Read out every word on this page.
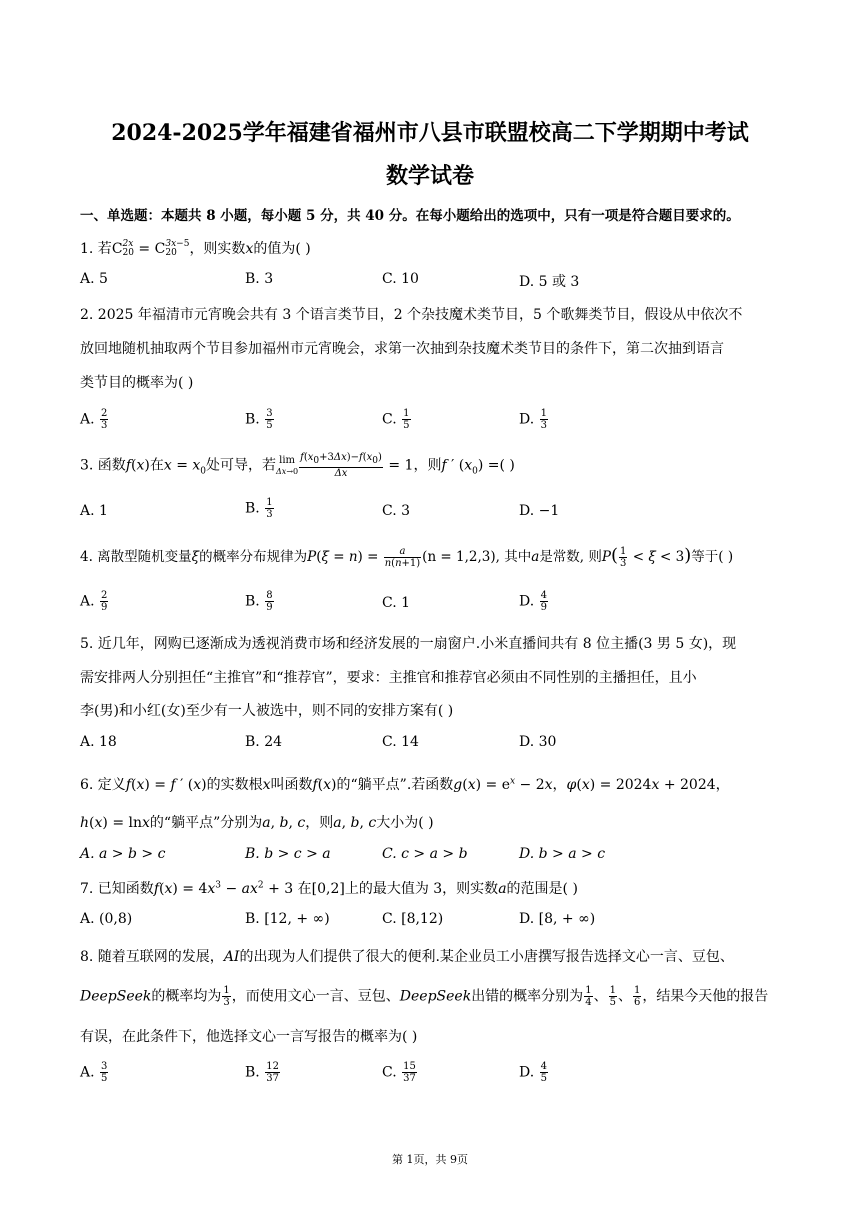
2024-2025学年福建省福州市八县市联盟校高二下学期期中考试
数学试卷
一、单选题：本题共 8 小题，每小题 5 分，共 40 分。在每小题给出的选项中，只有一项是符合题目要求的。
1. 若C2x
20 = C3x−5
20 ，则实数x的值为( )
A. 5	B. 3	C. 10	D. 5 或 3
2. 2025 年福清市元宵晚会共有 3 个语言类节目，2 个杂技魔术类节目，5 个歌舞类节目，假设从中依次不
放回地随机抽取两个节目参加福州市元宵晚会，求第一次抽到杂技魔术类节目的条件下，第二次抽到语言
类节目的概率为( )
A. $\frac{2}{3}$	B. $\frac{3}{5}$	C. $\frac{1}{5}$	D. $\frac{1}{3}$
3. 函数f(x)在$x = x_0$处可导，若 lim
$\Delta x\to 0 \frac{f(x_0+3\Delta x)-f(x_0)}{\Delta x} = 1$，则f ′ $(x_0)$ =( )
A. 1	B. $\frac{1}{3}$	C. 3	D. −1
4. 离散型随机变量ξ的概率分布规律为$P(\xi = n) = \frac{a}{n(n+1)} (n = 1,2,3)$, 其中a是常数, 则$P( \frac{1}{3} < \xi < 3)$等于( )
A. $\frac{2}{9}$	B. $\frac{8}{9}$	C. 1	D. $\frac{4}{9}$
5. 近几年，网购已逐渐成为透视消费市场和经济发展的一扇窗户.小米直播间共有 8 位主播(3 男 5 女)，现
需安排两人分别担任“主推官”和“推荐官”，要求：主推官和推荐官必须由不同性别的主播担任，且小
李(男)和小红(女)至少有一人被选中，则不同的安排方案有( )
A. 18	B. 24	C. 14	D. 30
6. 定义f(x) = f ′ (x)的实数根x叫函数f(x)的“躺平点”.若函数$g(x) = e^x - 2x$，φ(x) = 2024x + 2024，
h(x) = lnx的“躺平点”分别为a, b, c，则a, b, c大小为( )
A. a > b > c	B. b > c > a	C. c > a > b	D. b > a > c
7. 已知函数$f(x) = 4x^3 - ax^2 + 3$ 在[0,2]上的最大值为 3，则实数a的范围是( )
A. (0,8)	B. [12, + ∞)	C. [8,12)	D. [8, + ∞)
8. 随着互联网的发展，AI的出现为人们提供了很大的便利.某企业员工小唐撰写报告选择文心一言、豆包、
DeepSeek的概率均为 $\frac{1}{3}$ ，而使用文心一言、豆包、DeepSeek出错的概率分别为 $\frac{1}{4}$ 、 $\frac{1}{5}$ 、 $\frac{1}{6}$ ，结果今天他的报告
有误，在此条件下，他选择文心一言写报告的概率为( )
A. $\frac{3}{5}$	B. $\frac{12}{37}$	C. $\frac{15}{37}$	D. $\frac{4}{5}$
第 1页，共 9页
